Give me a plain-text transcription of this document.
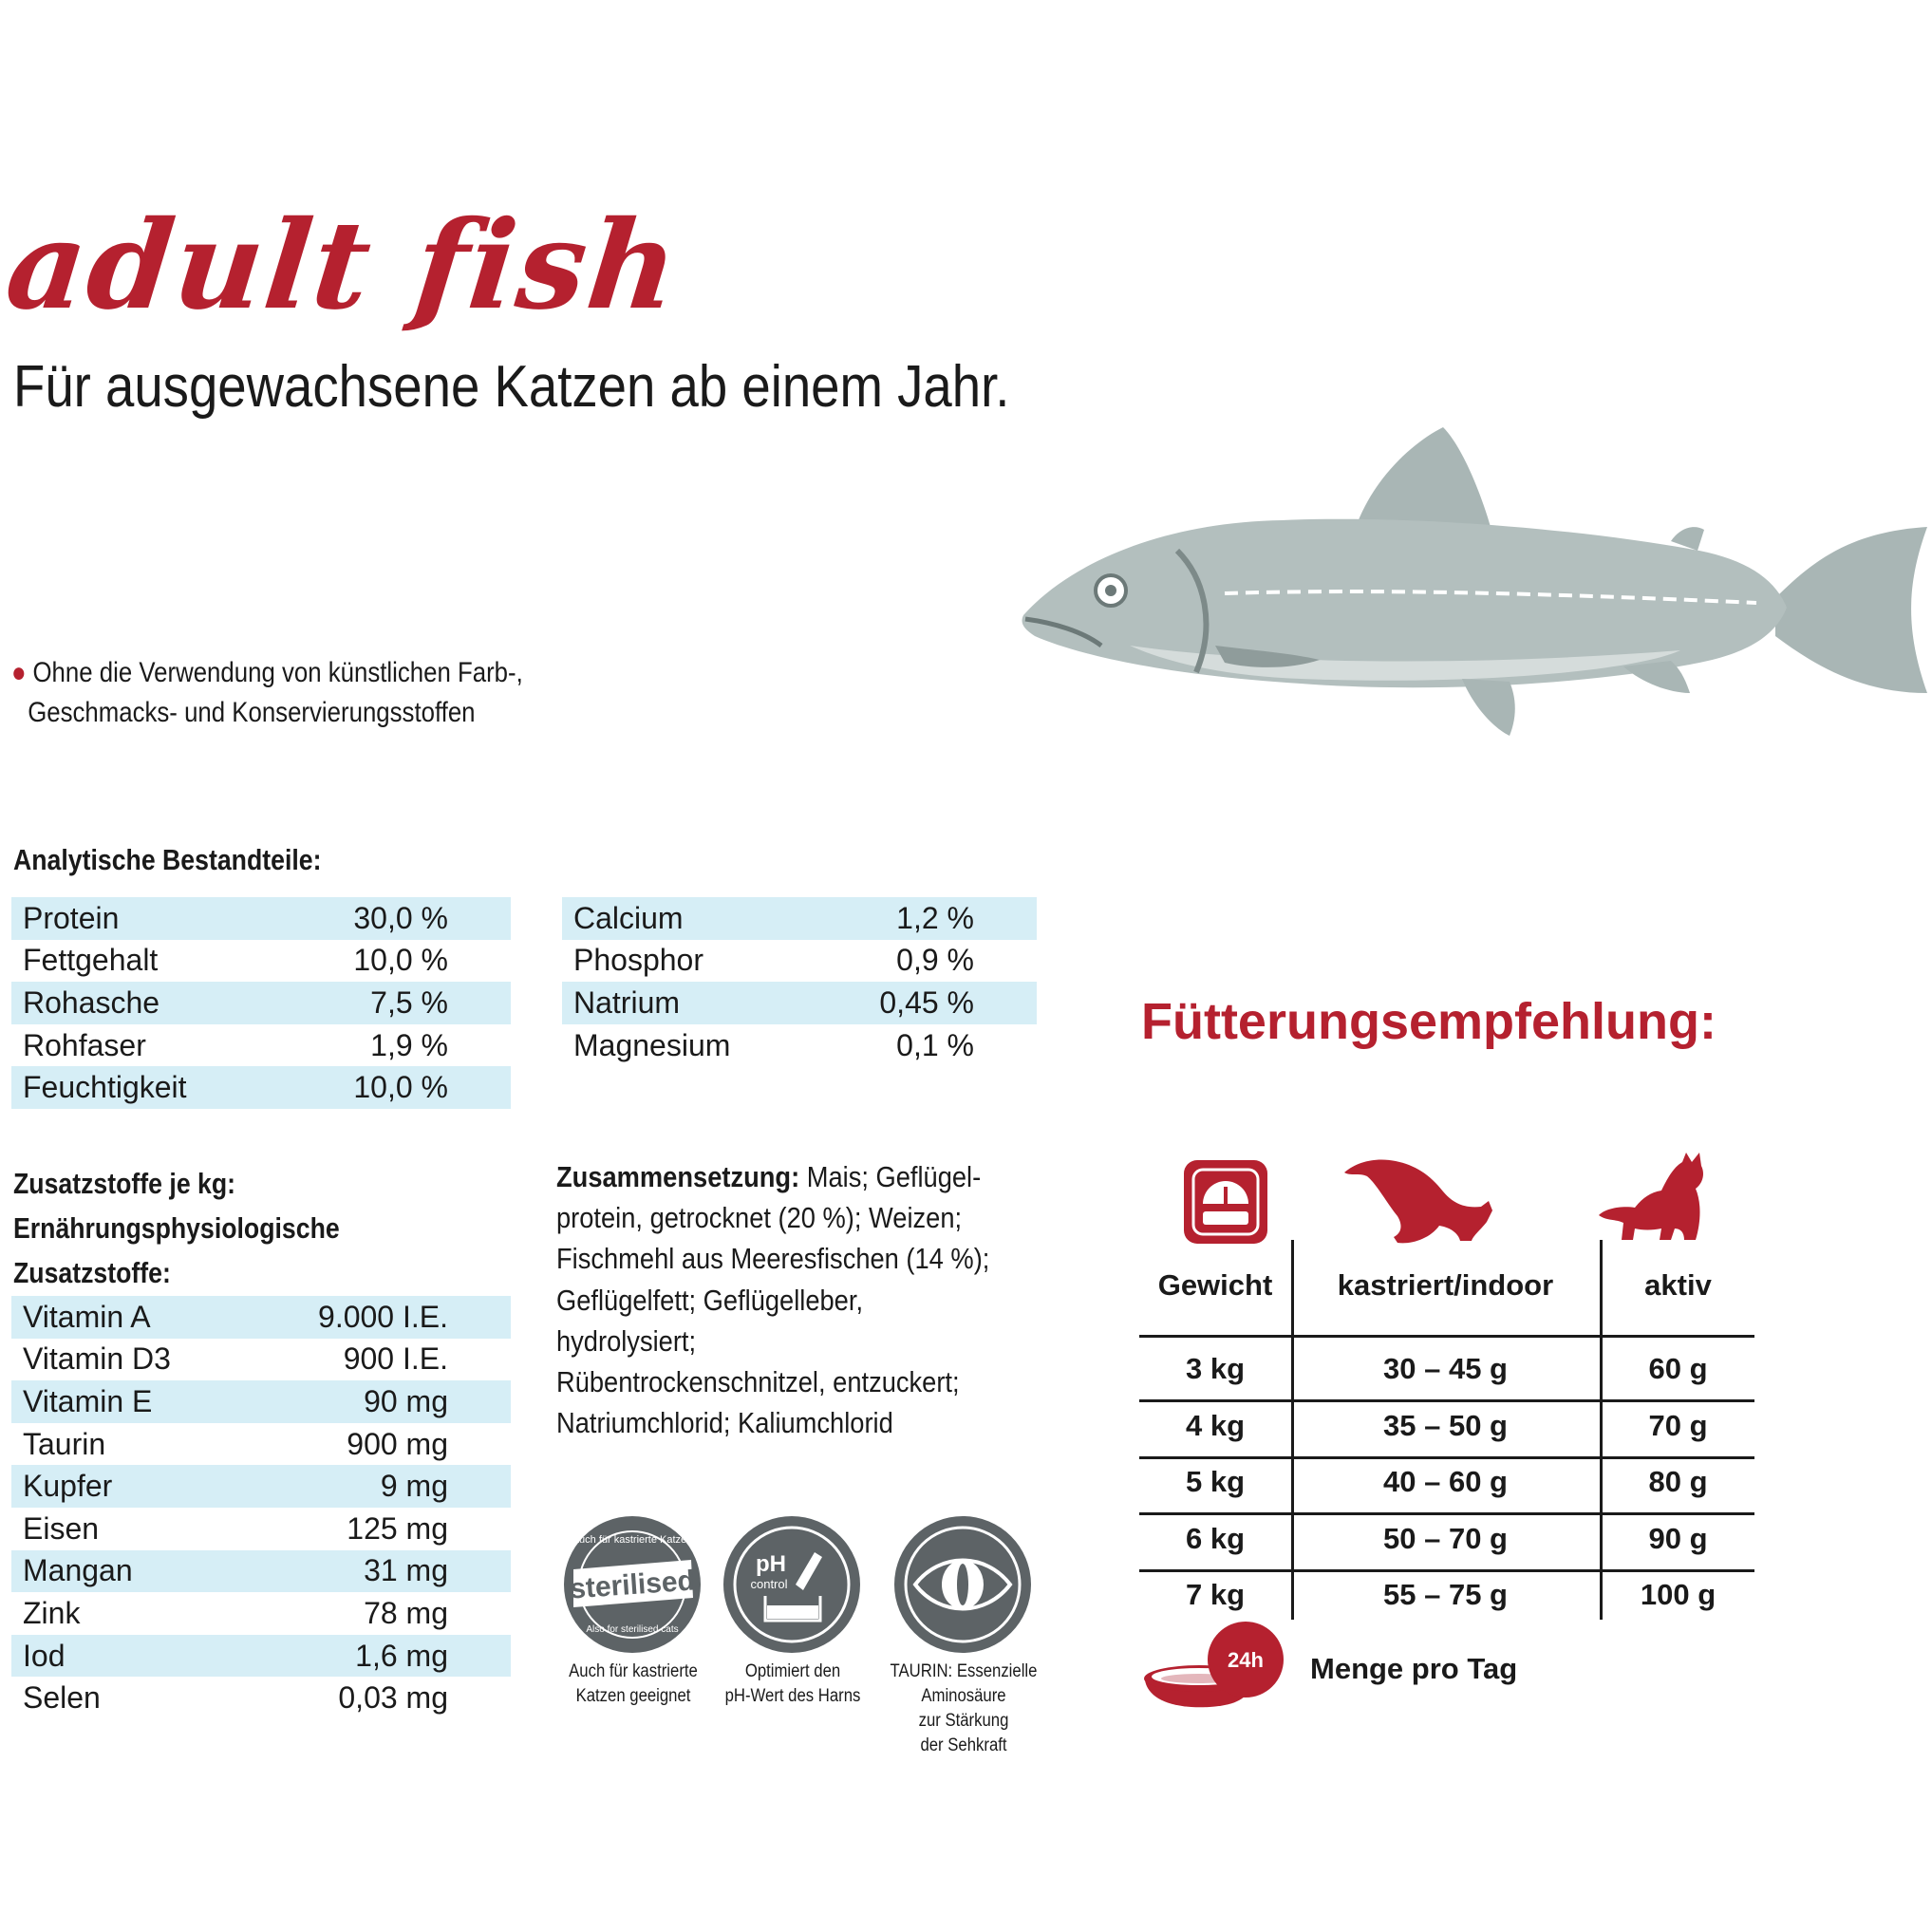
adult fish
Für ausgewachsene Katzen ab einem Jahr.
● Ohne die Verwendung von künstlichen Farb-,
Geschmacks- und Konservierungsstoffen
Analytische Bestandteile:
Protein	30,0 %
Fettgehalt	10,0 %
Rohasche	7,5 %
Rohfaser	1,9 %
Feuchtigkeit	10,0 %
Calcium	1,2 %
Phosphor	0,9 %
Natrium	0,45 %
Magnesium	0,1 %
Zusatzstoffe je kg:
Ernährungsphysiologische
Zusatzstoffe:
Vitamin A	9.000 I.E.
Vitamin D3	900 I.E.
Vitamin E	90 mg
Taurin	900 mg
Kupfer	9 mg
Eisen	125 mg
Mangan	31 mg
Zink	78 mg
Iod	1,6 mg
Selen	0,03 mg
Zusammensetzung: Mais; Geflügel-
protein, getrocknet (20 %); Weizen;
Fischmehl aus Meeresfischen (14 %);
Geflügelfett; Geflügelleber, hydrolysiert;
Rübentrockenschnitzel, entzuckert;
Natriumchlorid; Kaliumchlorid
sterilised
Auch für kastrierte Katzen
Also for sterilised cats
pH
control
Auch für kastrierte
Katzen geeignet
Optimiert den
pH-Wert des Harns
TAURIN: Essenzielle
Aminosäure
zur Stärkung
der Sehkraft
Fütterungsempfehlung:
Gewicht	kastriert/indoor	aktiv
3 kg	30 – 45 g	60 g
4 kg	35 – 50 g	70 g
5 kg	40 – 60 g	80 g
6 kg	50 – 70 g	90 g
7 kg	55 – 75 g	100 g
24h Menge pro Tag
